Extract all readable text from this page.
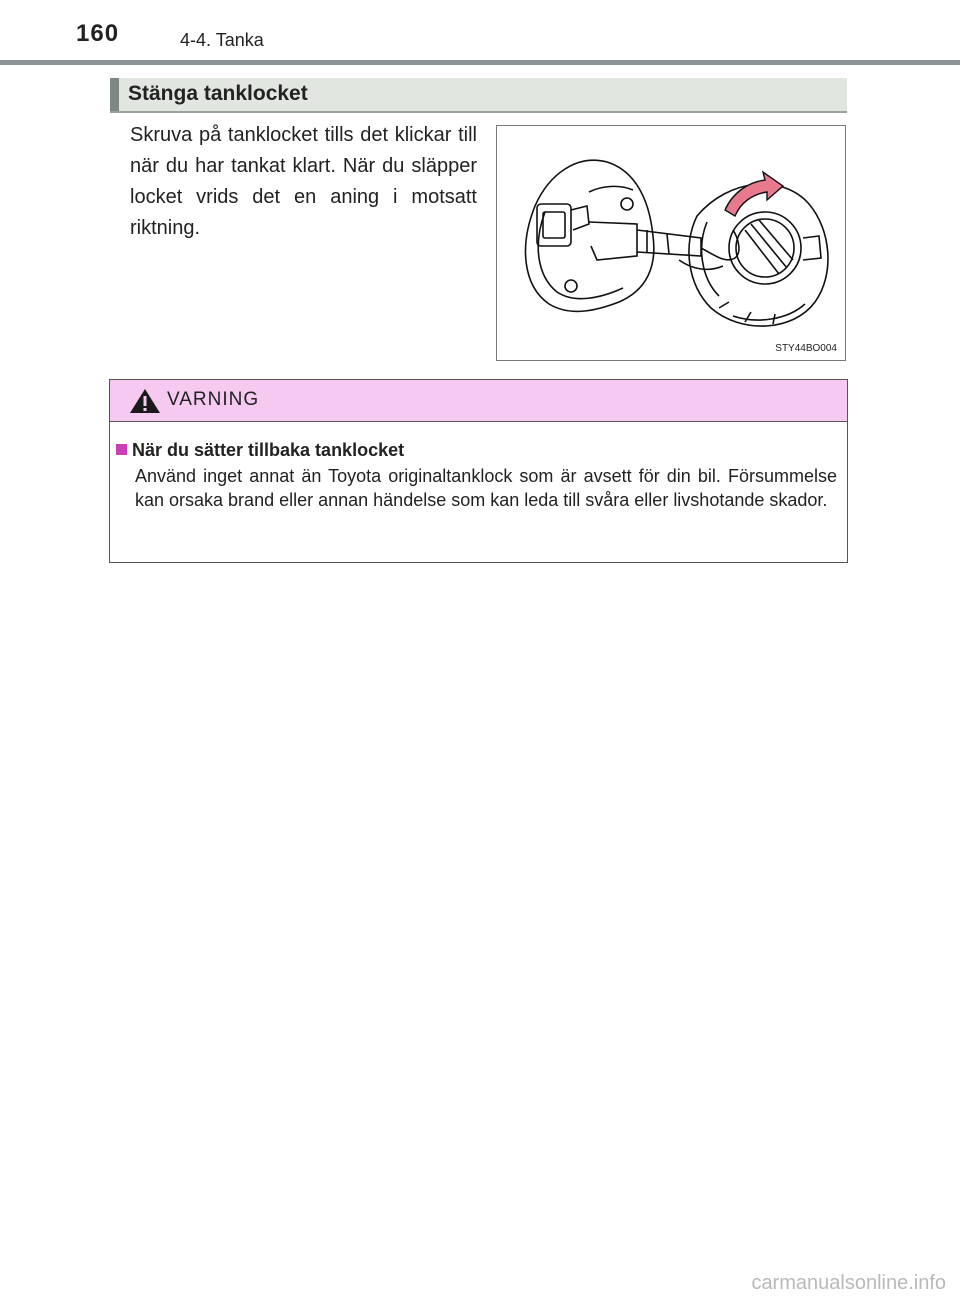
160	4-4. Tanka
Stänga tanklocket
Skruva på tanklocket tills det klickar till när du har tankat klart. När du släpper locket vrids det en aning i motsatt riktning.
STY44BO004
VARNING
När du sätter tillbaka tanklocket
Använd inget annat än Toyota originaltanklock som är avsett för din bil. Försummelse kan orsaka brand eller annan händelse som kan leda till svåra eller livshotande skador.
carmanualsonline.info
